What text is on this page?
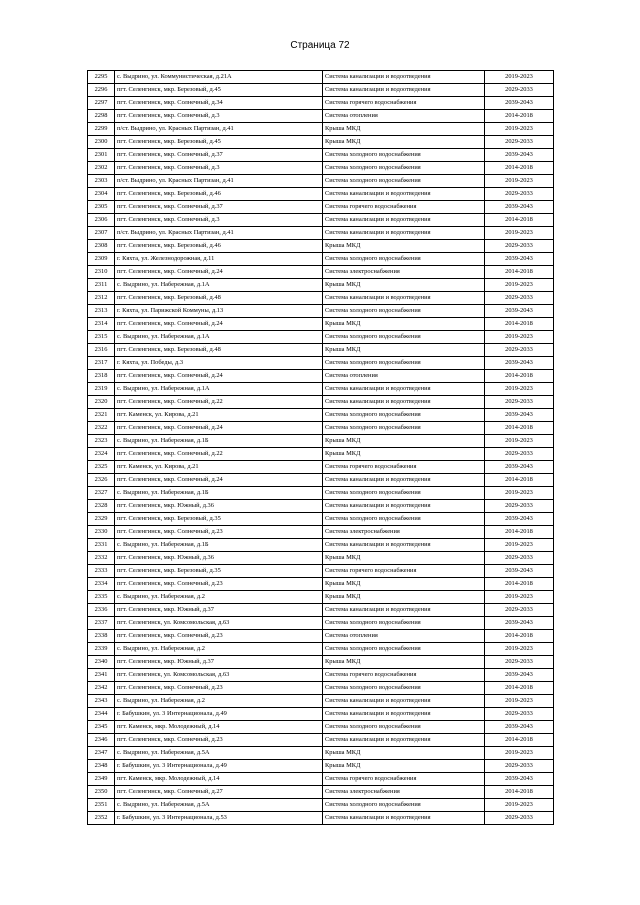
Страница 72
2295	с. Выдрино, ул. Коммунистическая, д.21А	Система канализации и водоотведения	2019-2023
2296	пгт. Селенгинск, мкр. Березовый, д.45	Система канализации и водоотведения	2029-2033
2297	пгт. Селенгинск, мкр. Солнечный, д.34	Система горячего водоснабжения	2039-2043
2298	пгт. Селенгинск, мкр. Солнечный, д.3	Система отопления	2014-2018
2299	п/ст. Выдрино, ул. Красных Партизан, д.41	Крыша МКД	2019-2023
2300	пгт. Селенгинск, мкр. Березовый, д.45	Крыша МКД	2029-2033
2301	пгт. Селенгинск, мкр. Солнечный, д.37	Система холодного водоснабжения	2039-2043
2302	пгт. Селенгинск, мкр. Солнечный, д.3	Система холодного водоснабжения	2014-2018
2303	п/ст. Выдрино, ул. Красных Партизан, д.41	Система холодного водоснабжения	2019-2023
2304	пгт. Селенгинск, мкр. Березовый, д.46	Система канализации и водоотведения	2029-2033
2305	пгт. Селенгинск, мкр. Солнечный, д.37	Система горячего водоснабжения	2039-2043
2306	пгт. Селенгинск, мкр. Солнечный, д.3	Система канализации и водоотведения	2014-2018
2307	п/ст. Выдрино, ул. Красных Партизан, д.41	Система канализации и водоотведения	2019-2023
2308	пгт. Селенгинск, мкр. Березовый, д.46	Крыша МКД	2029-2033
2309	г. Кяхта, ул. Железнодорожная, д.11	Система холодного водоснабжения	2039-2043
2310	пгт. Селенгинск, мкр. Солнечный, д.24	Система электроснабжения	2014-2018
2311	с. Выдрино, ул. Набережная, д.1А	Крыша МКД	2019-2023
2312	пгт. Селенгинск, мкр. Березовый, д.48	Система канализации и водоотведения	2029-2033
2313	г. Кяхта, ул. Парижской Коммуны, д.13	Система холодного водоснабжения	2039-2043
2314	пгт. Селенгинск, мкр. Солнечный, д.24	Крыша МКД	2014-2018
2315	с. Выдрино, ул. Набережная, д.1А	Система холодного водоснабжения	2019-2023
2316	пгт. Селенгинск, мкр. Березовый, д.48	Крыша МКД	2029-2033
2317	г. Кяхта, ул. Победы, д.3	Система холодного водоснабжения	2039-2043
2318	пгт. Селенгинск, мкр. Солнечный, д.24	Система отопления	2014-2018
2319	с. Выдрино, ул. Набережная, д.1А	Система канализации и водоотведения	2019-2023
2320	пгт. Селенгинск, мкр. Солнечный, д.22	Система канализации и водоотведения	2029-2033
2321	пгт. Каменск, ул. Кирова, д.21	Система холодного водоснабжения	2039-2043
2322	пгт. Селенгинск, мкр. Солнечный, д.24	Система холодного водоснабжения	2014-2018
2323	с. Выдрино, ул. Набережная, д.1Б	Крыша МКД	2019-2023
2324	пгт. Селенгинск, мкр. Солнечный, д.22	Крыша МКД	2029-2033
2325	пгт. Каменск, ул. Кирова, д.21	Система горячего водоснабжения	2039-2043
2326	пгт. Селенгинск, мкр. Солнечный, д.24	Система канализации и водоотведения	2014-2018
2327	с. Выдрино, ул. Набережная, д.1Б	Система холодного водоснабжения	2019-2023
2328	пгт. Селенгинск, мкр. Южный, д.36	Система канализации и водоотведения	2029-2033
2329	пгт. Селенгинск, мкр. Березовый, д.35	Система холодного водоснабжения	2039-2043
2330	пгт. Селенгинск, мкр. Солнечный, д.23	Система электроснабжения	2014-2018
2331	с. Выдрино, ул. Набережная, д.1Б	Система канализации и водоотведения	2019-2023
2332	пгт. Селенгинск, мкр. Южный, д.36	Крыша МКД	2029-2033
2333	пгт. Селенгинск, мкр. Березовый, д.35	Система горячего водоснабжения	2039-2043
2334	пгт. Селенгинск, мкр. Солнечный, д.23	Крыша МКД	2014-2018
2335	с. Выдрино, ул. Набережная, д.2	Крыша МКД	2019-2023
2336	пгт. Селенгинск, мкр. Южный, д.37	Система канализации и водоотведения	2029-2033
2337	пгт. Селенгинск, ул. Комсомольская, д.63	Система холодного водоснабжения	2039-2043
2338	пгт. Селенгинск, мкр. Солнечный, д.23	Система отопления	2014-2018
2339	с. Выдрино, ул. Набережная, д.2	Система холодного водоснабжения	2019-2023
2340	пгт. Селенгинск, мкр. Южный, д.37	Крыша МКД	2029-2033
2341	пгт. Селенгинск, ул. Комсомольская, д.63	Система горячего водоснабжения	2039-2043
2342	пгт. Селенгинск, мкр. Солнечный, д.23	Система холодного водоснабжения	2014-2018
2343	с. Выдрино, ул. Набережная, д.2	Система канализации и водоотведения	2019-2023
2344	г. Бабушкин, ул. 3 Интернационала, д.49	Система канализации и водоотведения	2029-2033
2345	пгт. Каменск, мкр. Молодежный, д.14	Система холодного водоснабжения	2039-2043
2346	пгт. Селенгинск, мкр. Солнечный, д.23	Система канализации и водоотведения	2014-2018
2347	с. Выдрино, ул. Набережная, д.5А	Крыша МКД	2019-2023
2348	г. Бабушкин, ул. 3 Интернационала, д.49	Крыша МКД	2029-2033
2349	пгт. Каменск, мкр. Молодежный, д.14	Система горячего водоснабжения	2039-2043
2350	пгт. Селенгинск, мкр. Солнечный, д.27	Система электроснабжения	2014-2018
2351	с. Выдрино, ул. Набережная, д.5А	Система холодного водоснабжения	2019-2023
2352	г. Бабушкин, ул. 3 Интернационала, д.53	Система канализации и водоотведения	2029-2033
